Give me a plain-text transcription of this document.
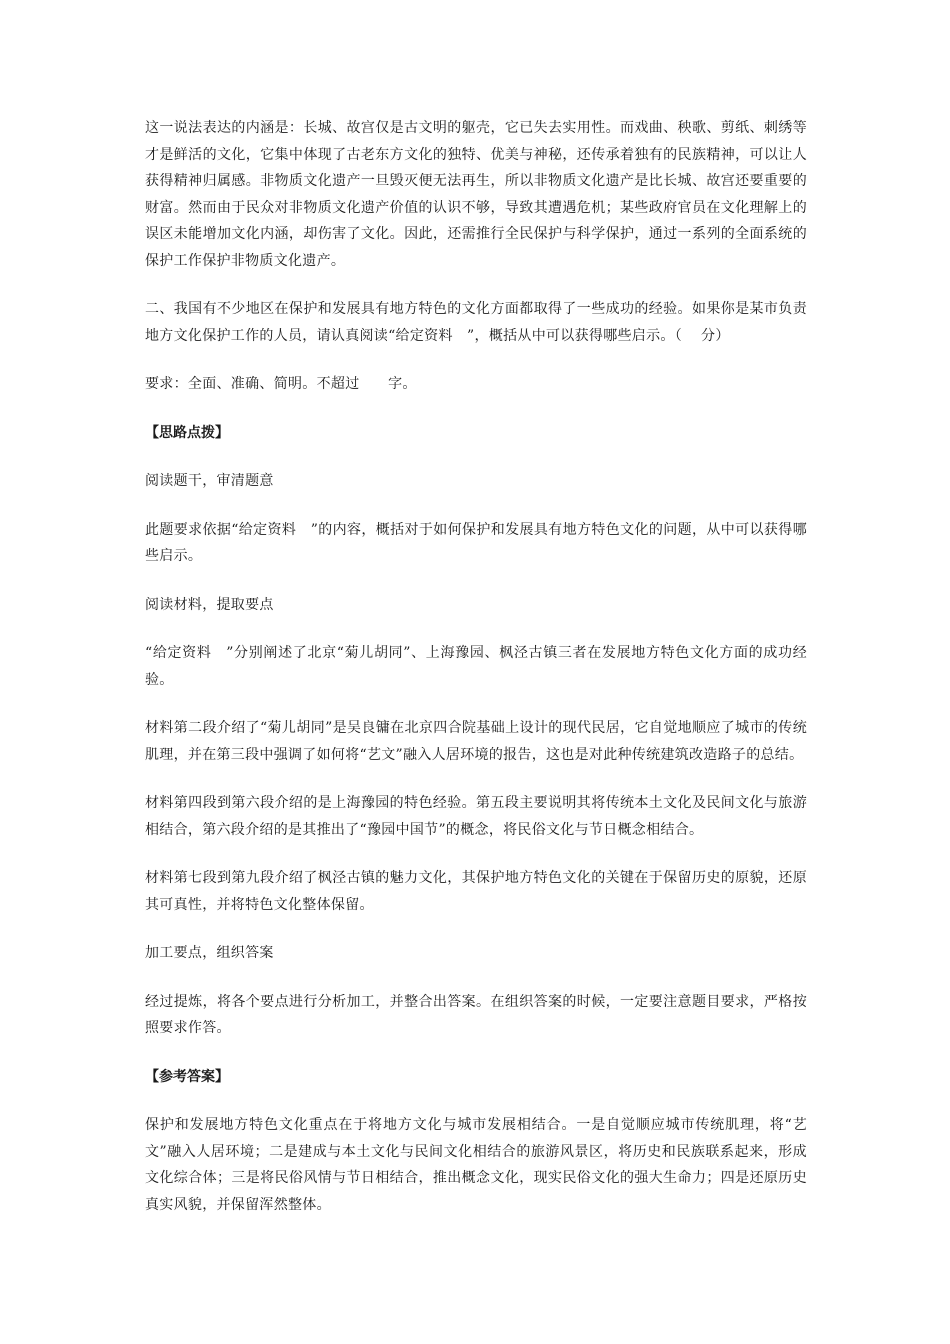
这一说法表达的内涵是：长城、故宫仅是古文明的躯壳，它已失去实用性。而戏曲、秧歌、剪纸、刺绣等才是鲜活的文化，它集中体现了古老东方文化的独特、优美与神秘，还传承着独有的民族精神，可以让人获得精神归属感。非物质文化遗产一旦毁灭便无法再生，所以非物质文化遗产是比长城、故宫还要重要的财富。然而由于民众对非物质文化遗产价值的认识不够，导致其遭遇危机；某些政府官员在文化理解上的误区未能增加文化内涵，却伤害了文化。因此，还需推行全民保护与科学保护，通过一系列的全面系统的保护工作保护非物质文化遗产。

二、我国有不少地区在保护和发展具有地方特色的文化方面都取得了一些成功的经验。如果你是某市负责地方文化保护工作的人员，请认真阅读“给定资料　”，概括从中可以获得哪些启示。（　 分）

要求：全面、准确、简明。不超过　　字。

【思路点拨】

阅读题干，审清题意

此题要求依据“给定资料　”的内容，概括对于如何保护和发展具有地方特色文化的问题，从中可以获得哪些启示。

阅读材料，提取要点

“给定资料　”分别阐述了北京“菊儿胡同”、上海豫园、枫泾古镇三者在发展地方特色文化方面的成功经验。

材料第二段介绍了“菊儿胡同”是吴良镛在北京四合院基础上设计的现代民居，它自觉地顺应了城市的传统肌理，并在第三段中强调了如何将“艺文”融入人居环境的报告，这也是对此种传统建筑改造路子的总结。

材料第四段到第六段介绍的是上海豫园的特色经验。第五段主要说明其将传统本土文化及民间文化与旅游相结合，第六段介绍的是其推出了“豫园中国节”的概念，将民俗文化与节日概念相结合。

材料第七段到第九段介绍了枫泾古镇的魅力文化，其保护地方特色文化的关键在于保留历史的原貌，还原其可真性，并将特色文化整体保留。

加工要点，组织答案

经过提炼，将各个要点进行分析加工，并整合出答案。在组织答案的时候，一定要注意题目要求，严格按照要求作答。

【参考答案】

保护和发展地方特色文化重点在于将地方文化与城市发展相结合。一是自觉顺应城市传统肌理，将“艺文”融入人居环境；二是建成与本土文化与民间文化相结合的旅游风景区，将历史和民族联系起来，形成文化综合体；三是将民俗风情与节日相结合，推出概念文化，现实民俗文化的强大生命力；四是还原历史真实风貌，并保留浑然整体。
